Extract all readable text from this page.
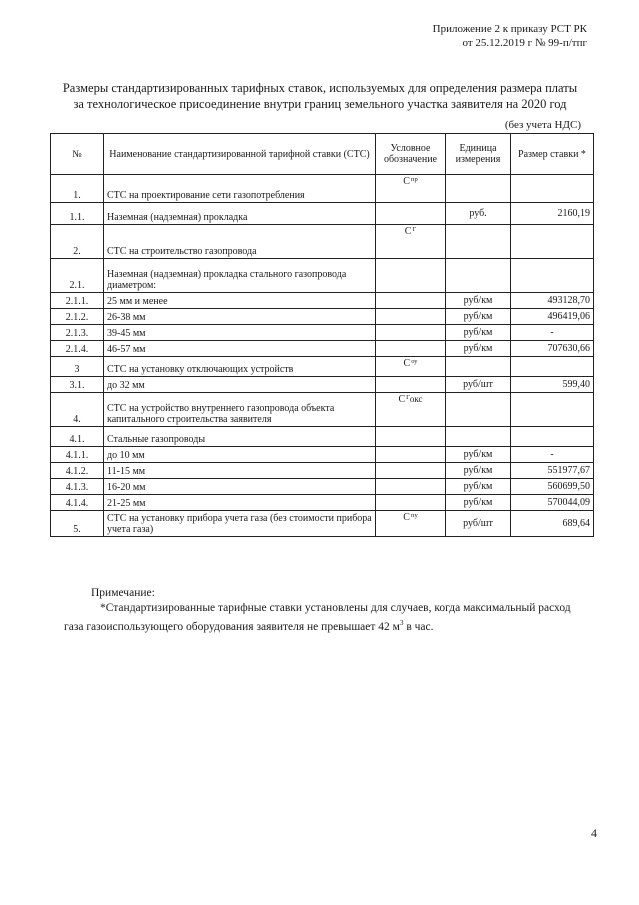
Приложение 2 к приказу РСТ РК
от 25.12.2019 г № 99-п/тпг
Размеры стандартизированных тарифных ставок, используемых для определения размера платы
за технологическое присоединение внутри границ земельного участка заявителя на 2020 год
(без учета НДС)
№	Наименование стандартизированной тарифной ставки (СТС)	Условное обозначение	Единица измерения	Размер ставки *
1.	СТС на проектирование сети газопотребления	$С^{пр}$		
1.1.	Наземная (надземная) прокладка		руб.	2160,19
2.	СТС на строительство газопровода	$С^Г$		
2.1.	Наземная (надземная) прокладка стального газопровода диаметром:			
2.1.1.	25 мм и менее		руб/км	493128,70
2.1.2.	26-38 мм		руб/км	496419,06
2.1.3.	39-45 мм		руб/км	-
2.1.4.	46-57 мм		руб/км	707630,66
3	СТС на установку отключающих устройств	$С^{оу}$		
3.1.	до 32 мм		руб/шт	599,40
4.	СТС на устройство внутреннего газопровода объекта капитального строительства заявителя	$С^Гокс$		
4.1.	Стальные газопроводы			
4.1.1.	до 10 мм		руб/км	-
4.1.2.	11-15 мм		руб/км	551977,67
4.1.3.	16-20 мм		руб/км	560699,50
4.1.4.	21-25 мм		руб/км	570044,09
5.	СТС на установку прибора учета газа (без стоимости прибора учета газа)	$С^{пу}$	руб/шт	689,64
Примечание:
*Стандартизированные тарифные ставки установлены для случаев, когда максимальный расход
газа газоиспользующего оборудования заявителя не превышает 42 $м^3$ в час.
4
